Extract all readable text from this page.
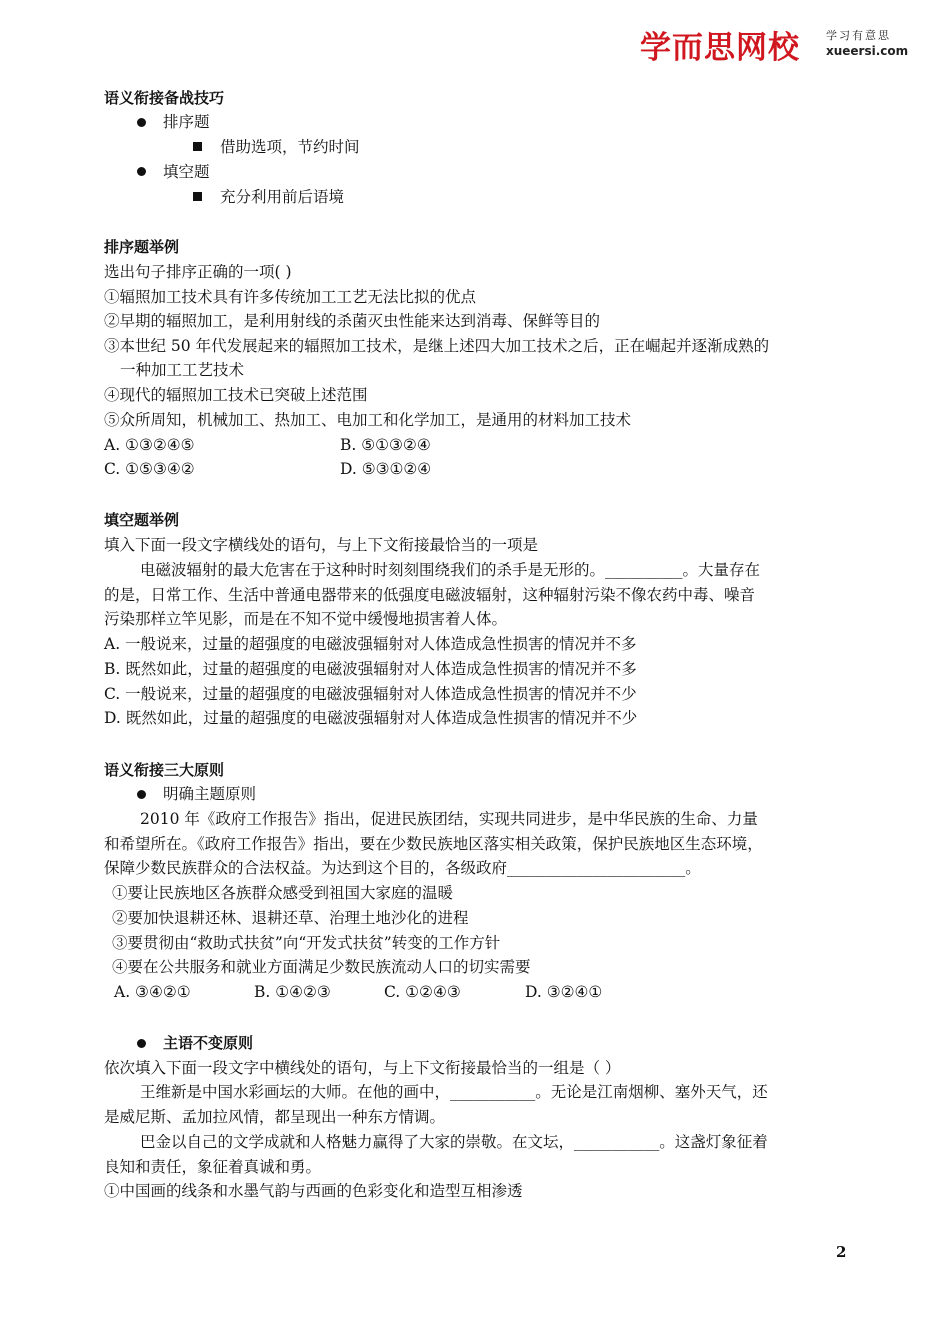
学而思网校 学习有意思
xueersi.com
语义衔接备战技巧
排序题
借助选项，节约时间
填空题
充分利用前后语境
排序题举例
选出句子排序正确的一项( )
①辐照加工技术具有许多传统加工工艺无法比拟的优点
②早期的辐照加工，是利用射线的杀菌灭虫性能来达到消毒、保鲜等目的
③本世纪 50 年代发展起来的辐照加工技术，是继上述四大加工技术之后，正在崛起并逐渐成熟的
一种加工工艺技术
④现代的辐照加工技术已突破上述范围
⑤众所周知，机械加工、热加工、电加工和化学加工，是通用的材料加工技术
A. ①③②④⑤	B. ⑤①③②④
C. ①⑤③④②	D. ⑤③①②④
填空题举例
填入下面一段文字横线处的语句，与上下文衔接最恰当的一项是
电磁波辐射的最大危害在于这种时时刻刻围绕我们的杀手是无形的。__________。大量存在
的是，日常工作、生活中普通电器带来的低强度电磁波辐射，这种辐射污染不像农药中毒、噪音
污染那样立竿见影，而是在不知不觉中缓慢地损害着人体。
A. 一般说来，过量的超强度的电磁波强辐射对人体造成急性损害的情况并不多
B. 既然如此，过量的超强度的电磁波强辐射对人体造成急性损害的情况并不多
C. 一般说来，过量的超强度的电磁波强辐射对人体造成急性损害的情况并不少
D. 既然如此，过量的超强度的电磁波强辐射对人体造成急性损害的情况并不少
语义衔接三大原则
明确主题原则
2010 年《政府工作报告》指出，促进民族团结，实现共同进步，是中华民族的生命、力量
和希望所在。《政府工作报告》指出，要在少数民族地区落实相关政策，保护民族地区生态环境，
保障少数民族群众的合法权益。为达到这个目的，各级政府_______________________。
①要让民族地区各族群众感受到祖国大家庭的温暖
②要加快退耕还林、退耕还草、治理土地沙化的进程
③要贯彻由“救助式扶贫”向“开发式扶贫”转变的工作方针
④要在公共服务和就业方面满足少数民族流动人口的切实需要
A. ③④②①	B. ①④②③	C. ①②④③	D. ③②④①
主语不变原则
依次填入下面一段文字中横线处的语句，与上下文衔接最恰当的一组是（ ）
王维新是中国水彩画坛的大师。在他的画中，___________。无论是江南烟柳、塞外天气，还
是威尼斯、孟加拉风情，都呈现出一种东方情调。
巴金以自己的文学成就和人格魅力赢得了大家的崇敬。在文坛，___________。这盏灯象征着
良知和责任，象征着真诚和勇。
①中国画的线条和水墨气韵与西画的色彩变化和造型互相渗透
2
